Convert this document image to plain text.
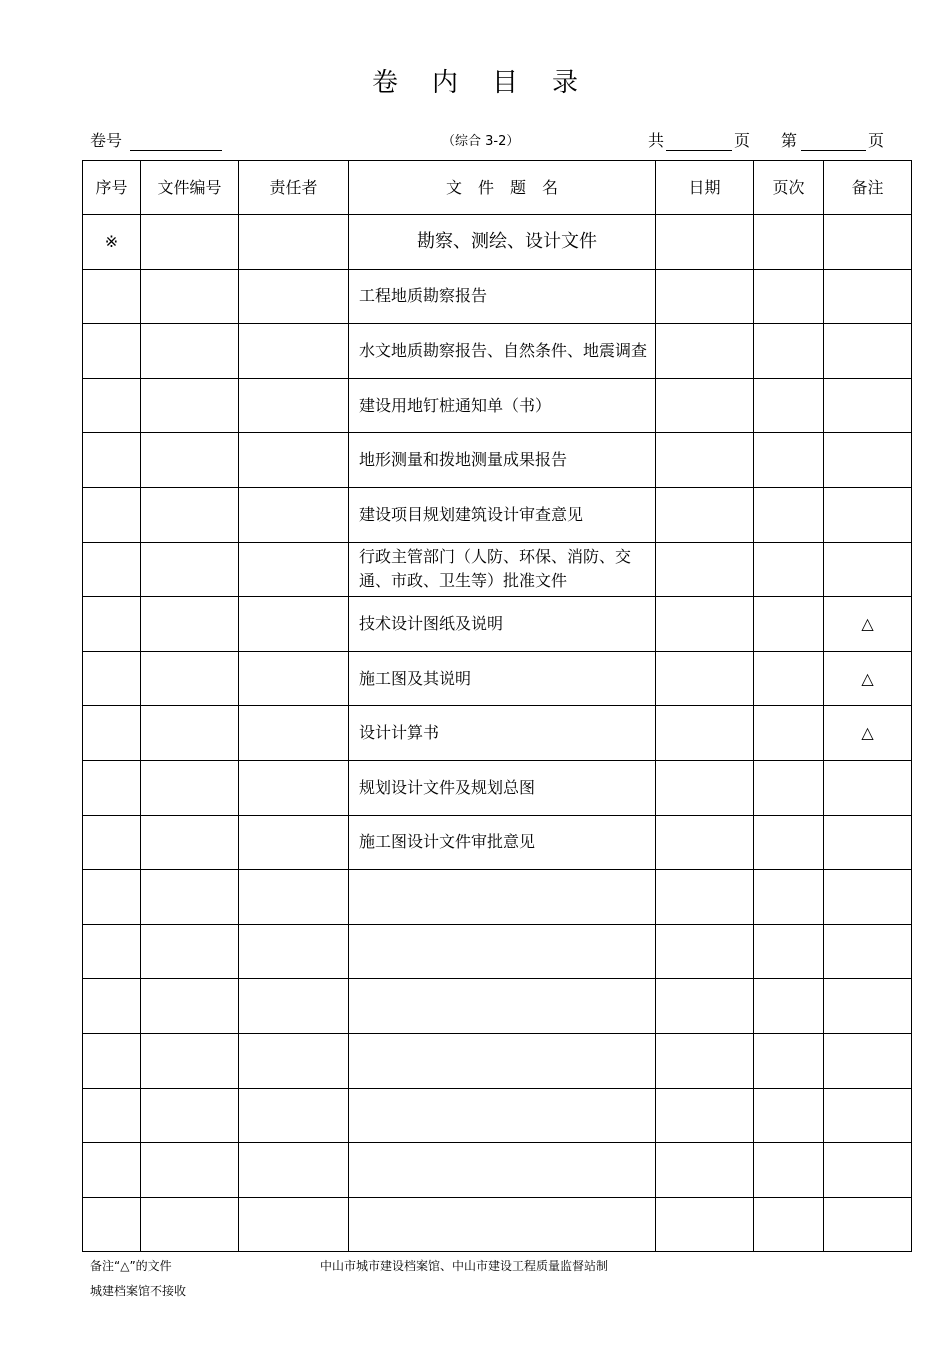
卷内目录
卷号	（综合 3-2）	共	页 第	页
序号	文件编号	责任者	文件题名	日期	页次	备注
※			勘察、测绘、设计文件			
			工程地质勘察报告			
			水文地质勘察报告、自然条件、地震调查			
			建设用地钉桩通知单（书）			
			地形测量和拨地测量成果报告			
			建设项目规划建筑设计审查意见			
			行政主管部门（人防、环保、消防、交通、市政、卫生等）批准文件			
			技术设计图纸及说明			△
			施工图及其说明			△
			设计计算书			△
			规划设计文件及规划总图			
			施工图设计文件审批意见			

备注“△”的文件
城建档案馆不接收
中山市城市建设档案馆、中山市建设工程质量监督站制
